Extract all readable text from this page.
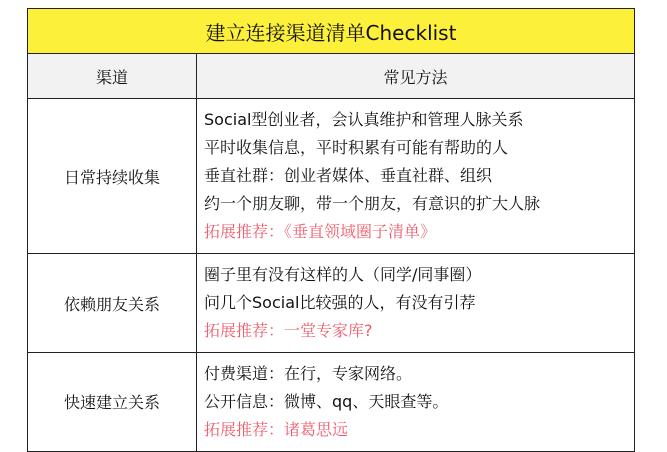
建立连接渠道清单Checklist
渠道	常见方法
日常持续收集	Social型创业者，会认真维护和管理人脉关系
平时收集信息，平时积累有可能有帮助的人
垂直社群：创业者媒体、垂直社群、组织
约一个朋友聊，带一个朋友，有意识的扩大人脉
拓展推荐：《垂直领域圈子清单》

依赖朋友关系	圈子里有没有这样的人（同学/同事圈）
问几个Social比较强的人，有没有引荐
拓展推荐：一堂专家库?

快速建立关系	付费渠道：在行，专家网络。
公开信息：微博、qq、天眼查等。
拓展推荐：诸葛思远
